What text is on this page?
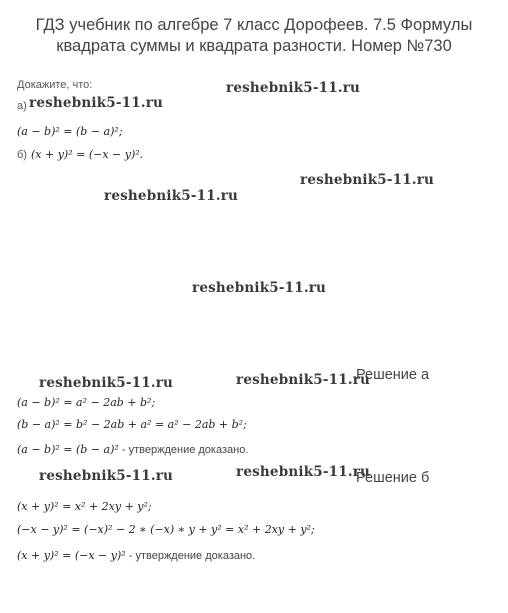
ГДЗ учебник по алгебре 7 класс Дорофеев. 7.5 Формулы
квадрата суммы и квадрата разности. Номер №730
Докажите, что:
а) reshebnik5-11.ru
reshebnik5-11.ru
(a − b)² = (b − a)²;
б) (x + y)² = (−x − y)².
reshebnik5-11.ru
reshebnik5-11.ru
reshebnik5-11.ru
reshebnik5-11.ru	reshebnik5-11.ru
Решение а
(a − b)² = a² − 2ab + b²;
(b − a)² = b² − 2ab + a² = a² − 2ab + b²;
(a − b)² = (b − a)² - утверждение доказано.
reshebnik5-11.ru	reshebnik5-11.ru
Решение б
(x + y)² = x² + 2xy + y²;
(−x − y)² = (−x)² − 2 ∗ (−x) ∗ y + y² = x² + 2xy + y²;
(x + y)² = (−x − y)² - утверждение доказано.
